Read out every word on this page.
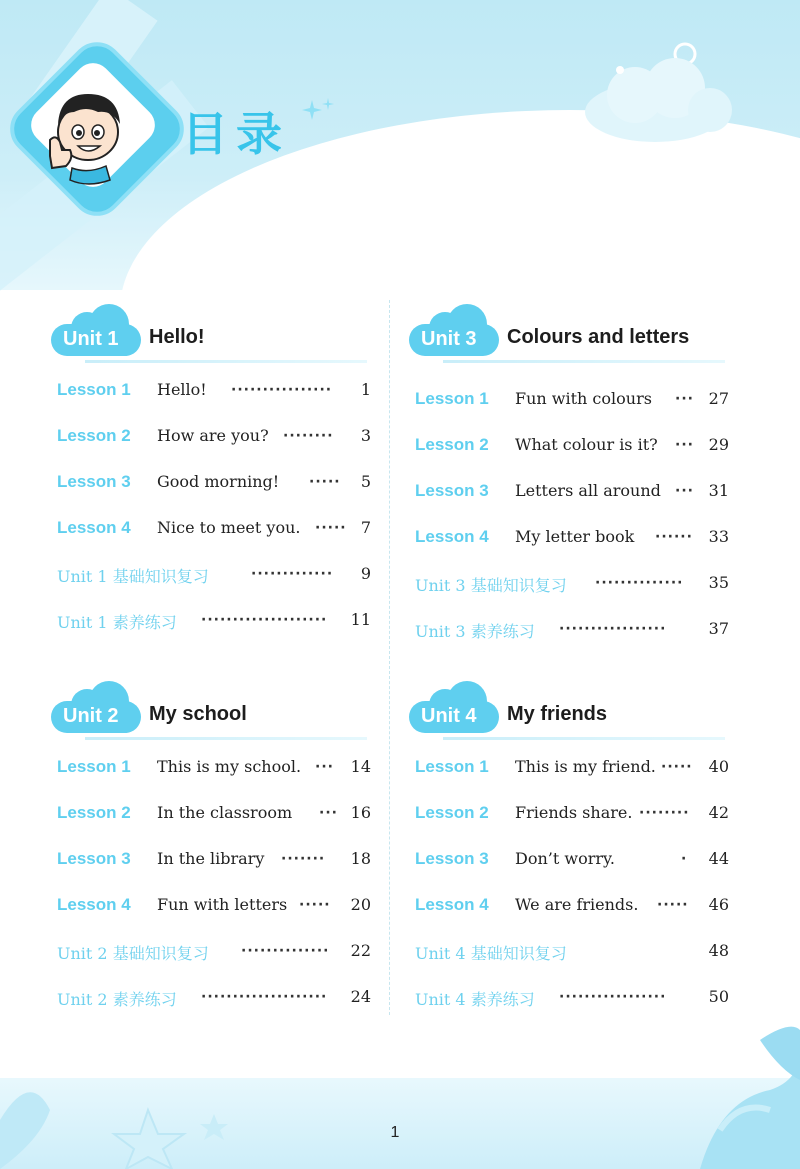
目录
Unit 1	Hello!
Lesson 1 Hello! ················ 1
Lesson 2 How are you? ········ 3
Lesson 3 Good morning! ····· 5
Lesson 4 Nice to meet you. ····· 7
Unit 1 基础知识复习	············· 9
Unit 1 素养练习 ···················· 11
Unit 2	My school
Lesson 1 This is my school. ··· 14
Lesson 2 In the classroom ··· 16
Lesson 3 In the library ······· 18
Lesson 4 Fun with letters ····· 20
Unit 2 基础知识复习 ·············· 22
Unit 2 素养练习 ···················· 24
Unit 3	Colours and letters
Lesson 1 Fun with colours ··· 27
Lesson 2 What colour is it? ··· 29
Lesson 3 Letters all around ··· 31
Lesson 4 My letter book ······ 33
Unit 3 基础知识复习 ·············· 35
Unit 3 素养练习 ·················	37
Unit 4	My friends
Lesson 1 This is my friend. ····· 40
Lesson 2 Friends share. ········ 42
Lesson 3 Don’t worry.	· 44
Lesson 4 We are friends. ····· 46
Unit 4 基础知识复习	48
Unit 4 素养练习 ·················	50
1
